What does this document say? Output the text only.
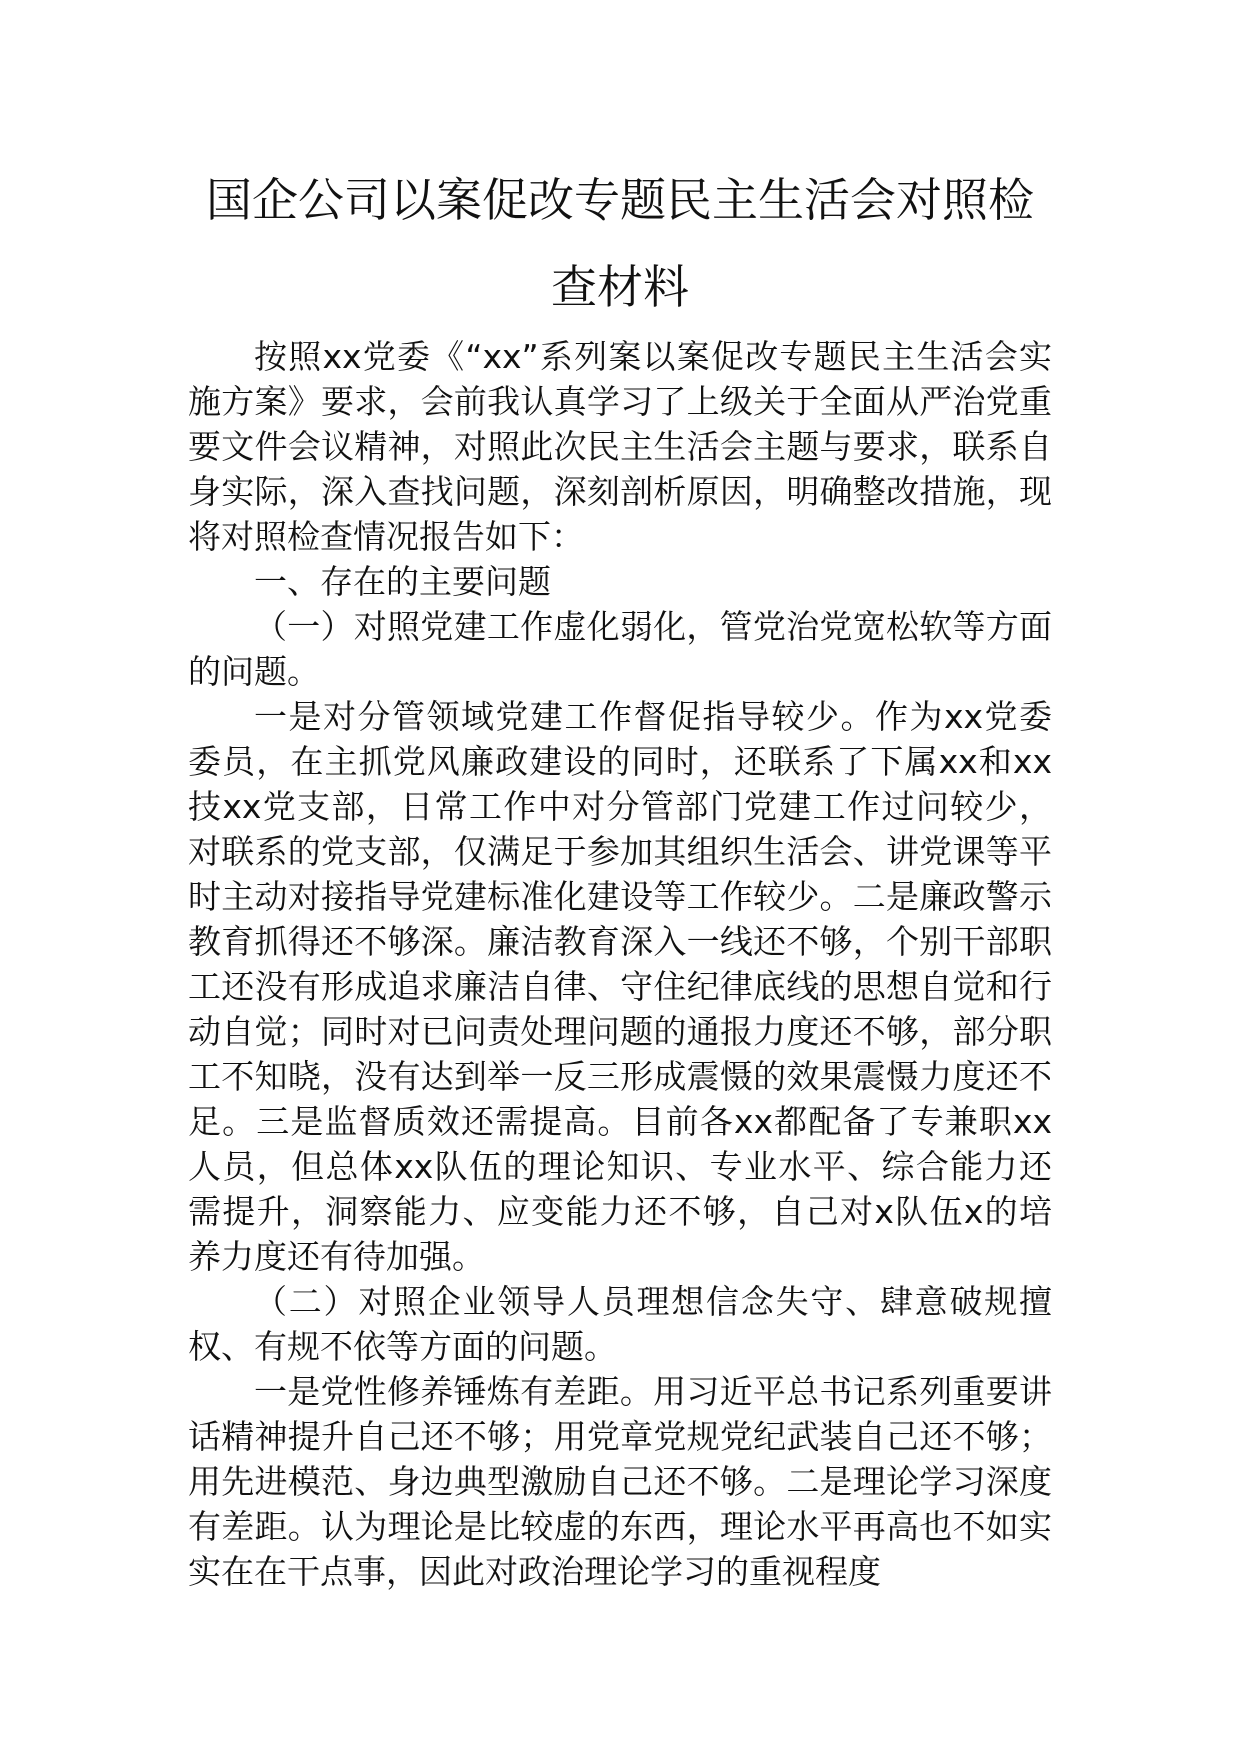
国企公司以案促改专题民主生活会对照检
查材料

按照xx党委《“xx”系列案以案促改专题民主生活会实施方案》要求，会前我认真学习了上级关于全面从严治党重要文件会议精神，对照此次民主生活会主题与要求，联系自身实际，深入查找问题，深刻剖析原因，明确整改措施，现将对照检查情况报告如下：

一、存在的主要问题

（一）对照党建工作虚化弱化，管党治党宽松软等方面的问题。

一是对分管领域党建工作督促指导较少。作为xx党委委员，在主抓党风廉政建设的同时，还联系了下属xx和xx技xx党支部，日常工作中对分管部门党建工作过问较少，对联系的党支部，仅满足于参加其组织生活会、讲党课等平时主动对接指导党建标准化建设等工作较少。二是廉政警示教育抓得还不够深。廉洁教育深入一线还不够，个别干部职工还没有形成追求廉洁自律、守住纪律底线的思想自觉和行动自觉；同时对已问责处理问题的通报力度还不够，部分职工不知晓，没有达到举一反三形成震慑的效果震慑力度还不足。三是监督质效还需提高。目前各xx都配备了专兼职xx人员，但总体xx队伍的理论知识、专业水平、综合能力还需提升，洞察能力、应变能力还不够，自己对x队伍x的培养力度还有待加强。

（二）对照企业领导人员理想信念失守、肆意破规擅权、有规不依等方面的问题。

一是党性修养锤炼有差距。用习近平总书记系列重要讲话精神提升自己还不够；用党章党规党纪武装自己还不够；用先进模范、身边典型激励自己还不够。二是理论学习深度有差距。认为理论是比较虚的东西，理论水平再高也不如实实在在干点事，因此对政治理论学习的重视程度
